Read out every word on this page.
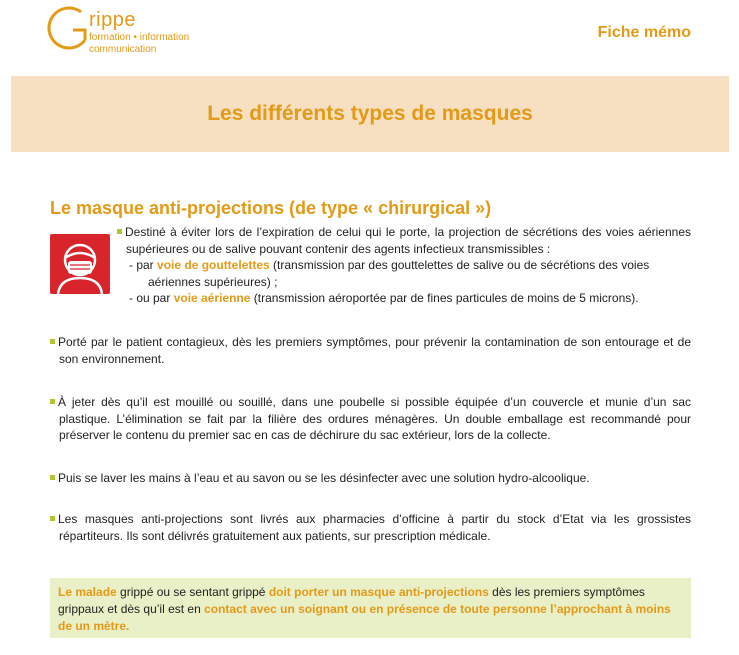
rippe
formation • information
communication
Fiche mémo
Les différents types de masques
Le masque anti-projections (de type « chirurgical »)
Destiné à éviter lors de l’expiration de celui qui le porte, la projection de sécrétions des voies aériennes supérieures ou de salive pouvant contenir des agents infectieux transmissibles :
- par voie de gouttelettes (transmission par des gouttelettes de salive ou de sécrétions des voies
aériennes supérieures) ;
- ou par voie aérienne (transmission aéroportée par de fines particules de moins de 5 microns).
Porté par le patient contagieux, dès les premiers symptômes, pour prévenir la contamination de son entourage et de son environnement.
À jeter dès qu’il est mouillé ou souillé, dans une poubelle si possible équipée d’un couvercle et munie d’un sac plastique. L’élimination se fait par la filière des ordures ménagères. Un double emballage est recommandé pour préserver le contenu du premier sac en cas de déchirure du sac extérieur, lors de la collecte.
Puis se laver les mains à l’eau et au savon ou se les désinfecter avec une solution hydro-alcoolique.
Les masques anti-projections sont livrés aux pharmacies d’officine à partir du stock d’Etat via les grossistes répartiteurs. Ils sont délivrés gratuitement aux patients, sur prescription médicale.
Le malade grippé ou se sentant grippé doit porter un masque anti-projections dès les premiers symptômes grippaux et dès qu’il est en contact avec un soignant ou en présence de toute personne l’approchant à moins de un mètre.
